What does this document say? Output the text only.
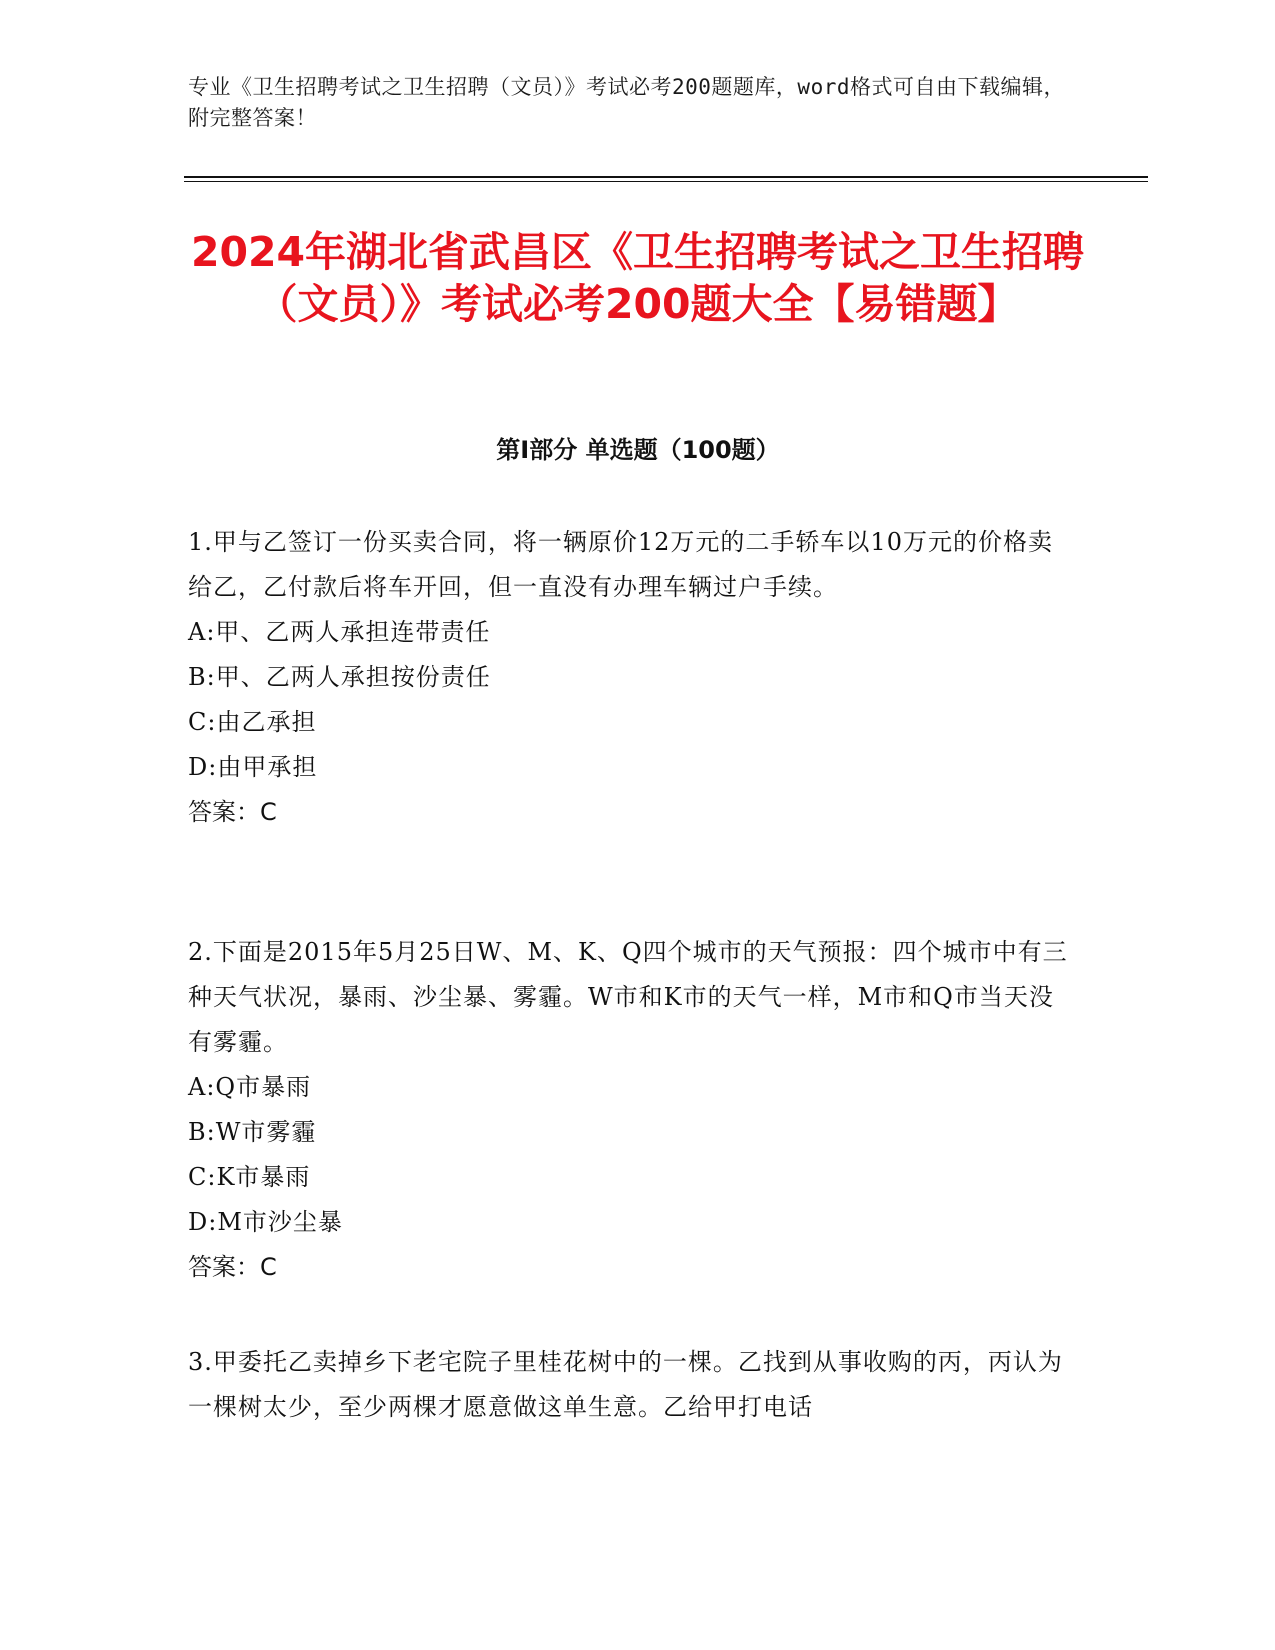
专业《卫生招聘考试之卫生招聘（文员）》考试必考200题题库，word格式可自由下载编辑，附完整答案！
2024年湖北省武昌区《卫生招聘考试之卫生招聘（文员）》考试必考200题大全【易错题】
第Ⅰ部分 单选题（100题）
1.甲与乙签订一份买卖合同，将一辆原价12万元的二手轿车以10万元的价格卖给乙，乙付款后将车开回，但一直没有办理车辆过户手续。
A:甲、乙两人承担连带责任
B:甲、乙两人承担按份责任
C:由乙承担
D:由甲承担
答案：C
2.下面是2015年5月25日W、M、K、Q四个城市的天气预报：四个城市中有三种天气状况，暴雨、沙尘暴、雾霾。W市和K市的天气一样，M市和Q市当天没有雾霾。
A:Q市暴雨
B:W市雾霾
C:K市暴雨
D:M市沙尘暴
答案：C
3.甲委托乙卖掉乡下老宅院子里桂花树中的一棵。乙找到从事收购的丙，丙认为一棵树太少，至少两棵才愿意做这单生意。乙给甲打电话
